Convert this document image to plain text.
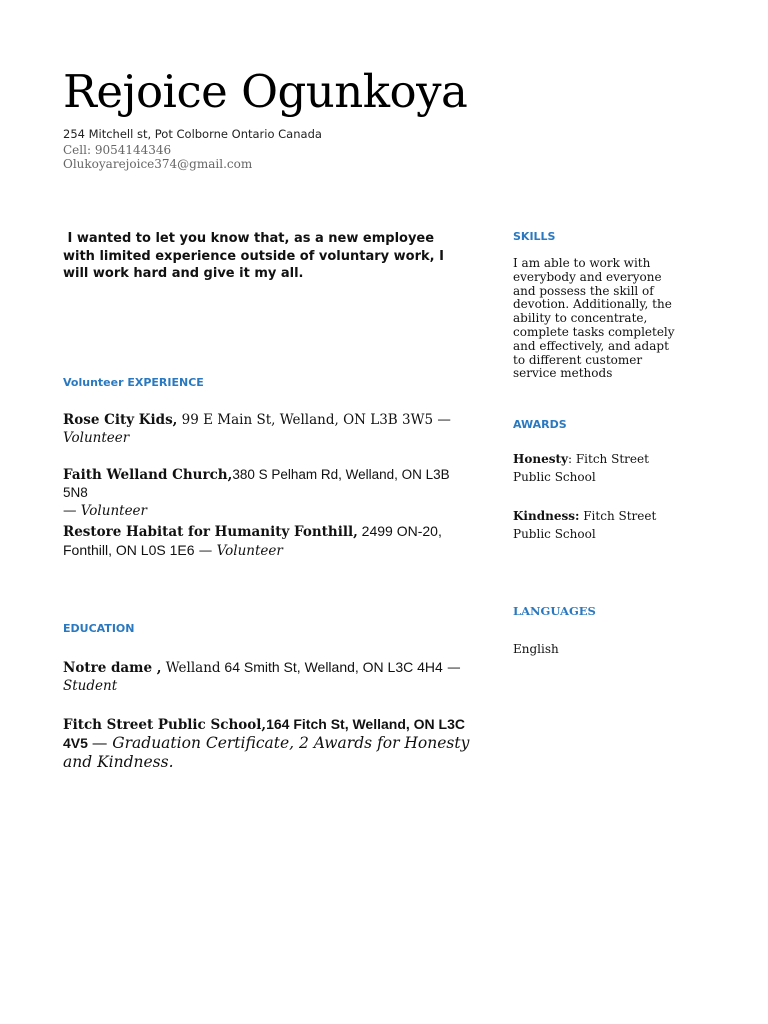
Rejoice Ogunkoya
254 Mitchell st, Pot Colborne Ontario Canada
Cell: 9054144346
Olukoyarejoice374@gmail.com
I wanted to let you know that, as a new employee with limited experience outside of voluntary work, I will work hard and give it my all.
Volunteer EXPERIENCE
Rose City Kids, 99 E Main St, Welland, ON L3B 3W5 —
Volunteer
Faith Welland Church,380 S Pelham Rd, Welland, ON L3B 5N8
— Volunteer
Restore Habitat for Humanity Fonthill, 2499 ON-20, Fonthill, ON L0S 1E6 — Volunteer
EDUCATION
Notre dame , Welland 64 Smith St, Welland, ON L3C 4H4 —
Student
Fitch Street Public School,164 Fitch St, Welland, ON L3C 4V5 — Graduation Certificate, 2 Awards for Honesty and Kindness.
SKILLS
I am able to work with everybody and everyone and possess the skill of devotion. Additionally, the ability to concentrate, complete tasks completely and effectively, and adapt to different customer service methods
AWARDS
Honesty: Fitch Street Public School
Kindness: Fitch Street Public School
LANGUAGES
English
